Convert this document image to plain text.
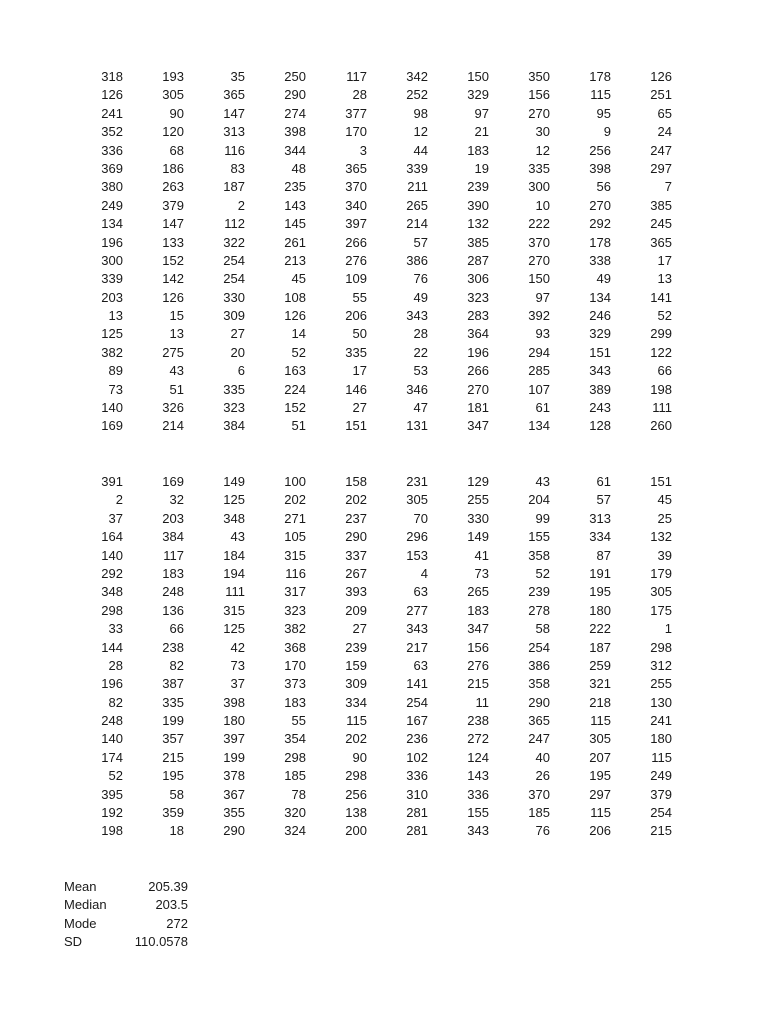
318	193	35	250	117	342	150	350	178	126
126	305	365	290	28	252	329	156	115	251
241	90	147	274	377	98	97	270	95	65
352	120	313	398	170	12	21	30	9	24
336	68	116	344	3	44	183	12	256	247
369	186	83	48	365	339	19	335	398	297
380	263	187	235	370	211	239	300	56	7
249	379	2	143	340	265	390	10	270	385
134	147	112	145	397	214	132	222	292	245
196	133	322	261	266	57	385	370	178	365
300	152	254	213	276	386	287	270	338	17
339	142	254	45	109	76	306	150	49	13
203	126	330	108	55	49	323	97	134	141
13	15	309	126	206	343	283	392	246	52
125	13	27	14	50	28	364	93	329	299
382	275	20	52	335	22	196	294	151	122
89	43	6	163	17	53	266	285	343	66
73	51	335	224	146	346	270	107	389	198
140	326	323	152	27	47	181	61	243	111
169	214	384	51	151	131	347	134	128	260
391	169	149	100	158	231	129	43	61	151
2	32	125	202	202	305	255	204	57	45
37	203	348	271	237	70	330	99	313	25
164	384	43	105	290	296	149	155	334	132
140	117	184	315	337	153	41	358	87	39
292	183	194	116	267	4	73	52	191	179
348	248	111	317	393	63	265	239	195	305
298	136	315	323	209	277	183	278	180	175
33	66	125	382	27	343	347	58	222	1
144	238	42	368	239	217	156	254	187	298
28	82	73	170	159	63	276	386	259	312
196	387	37	373	309	141	215	358	321	255
82	335	398	183	334	254	11	290	218	130
248	199	180	55	115	167	238	365	115	241
140	357	397	354	202	236	272	247	305	180
174	215	199	298	90	102	124	40	207	115
52	195	378	185	298	336	143	26	195	249
395	58	367	78	256	310	336	370	297	379
192	359	355	320	138	281	155	185	115	254
198	18	290	324	200	281	343	76	206	215
Mean	205.39
Median	203.5
Mode	272
SD	110.0578
